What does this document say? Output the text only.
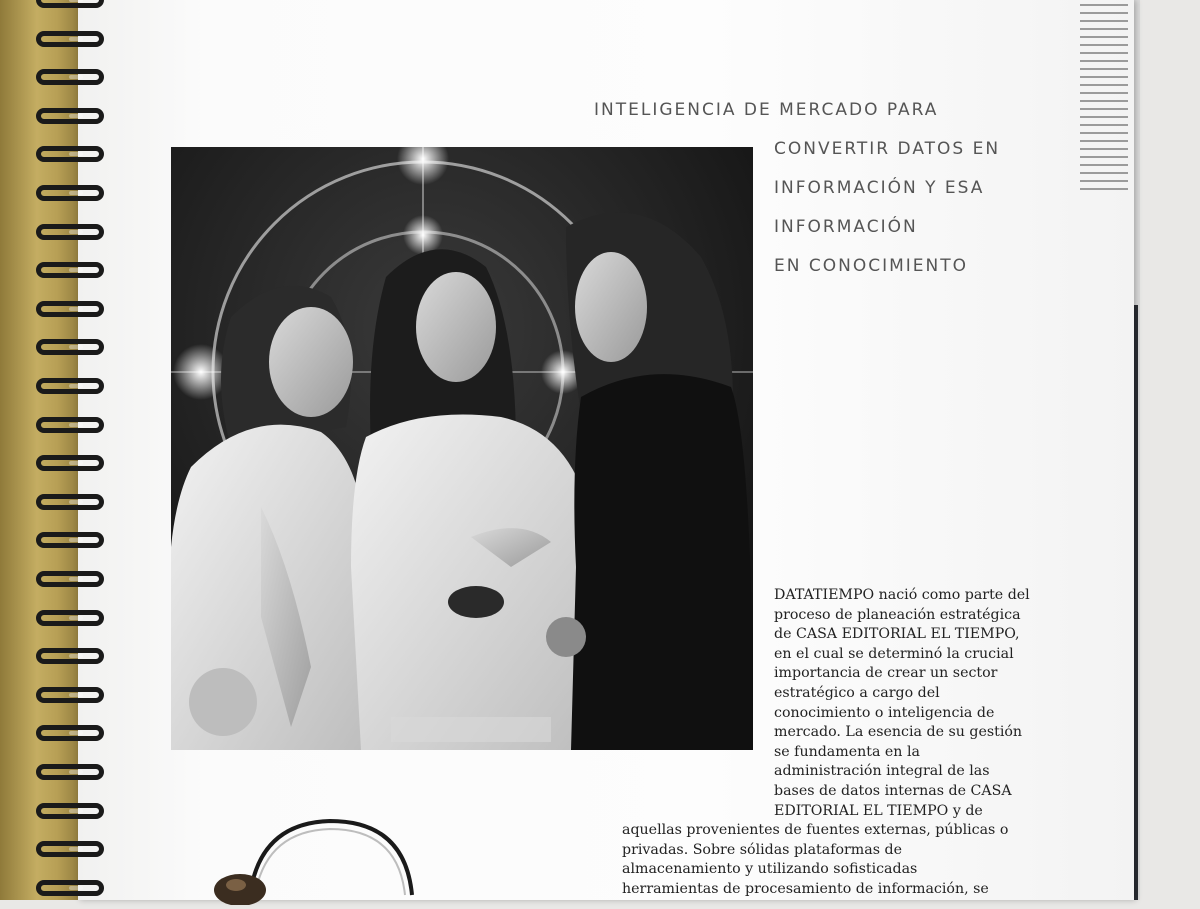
INTELIGENCIA DE MERCADO PARA
CONVERTIR DATOS EN
INFORMACIÓN Y ESA
INFORMACIÓN
EN CONOCIMIENTO
DATATIEMPO nació como parte del
proceso de planeación estratégica
de CASA EDITORIAL EL TIEMPO,
en el cual se determinó la crucial
importancia de crear un sector
estratégico a cargo del
conocimiento o inteligencia de
mercado. La esencia de su gestión
se fundamenta en la
administración integral de las
bases de datos internas de CASA
EDITORIAL EL TIEMPO y de
aquellas provenientes de fuentes externas, públicas o
privadas. Sobre sólidas plataformas de
almacenamiento y utilizando sofisticadas
herramientas de procesamiento de información, se
